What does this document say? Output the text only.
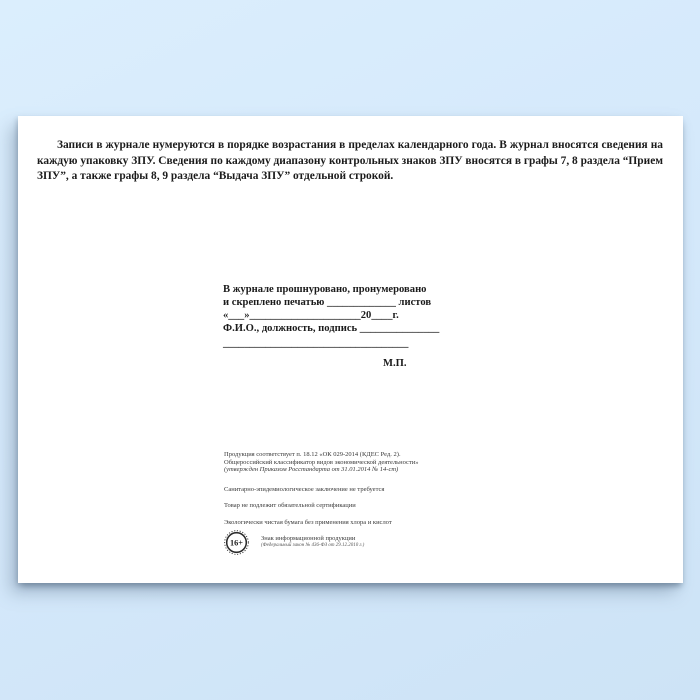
Записи в журнале нумеруются в порядке возрастания в пределах календарного года. В журнал вносятся сведения на каждую упаковку ЗПУ. Сведения по каждому диапазону контрольных знаков ЗПУ вносятся в графы 7, 8 раздела “Прием ЗПУ”, а также графы 8, 9 раздела “Выдача ЗПУ” отдельной строкой.

В журнале прошнуровано, пронумеровано
и скреплено печатью _____________ листов
«___»_____________________20____г.
Ф.И.О., должность, подпись _______________
___________________________________
М.П.
Продукция соответствует п. 18.12 «ОК 029-2014 (КДЕС Ред. 2).
Общероссийский классификатор видов экономической деятельности»
(утвержден Приказом Росстандарта от 31.01.2014 № 14-ст)
Санитарно-эпидемиологическое заключение не требуется
Товар не подлежит обязательной сертификации
Экологически чистая бумага без применения хлора и кислот
16+	Знак информационной продукции
(Федеральный закон № 436-ФЗ от 29.12.2010 г.)
